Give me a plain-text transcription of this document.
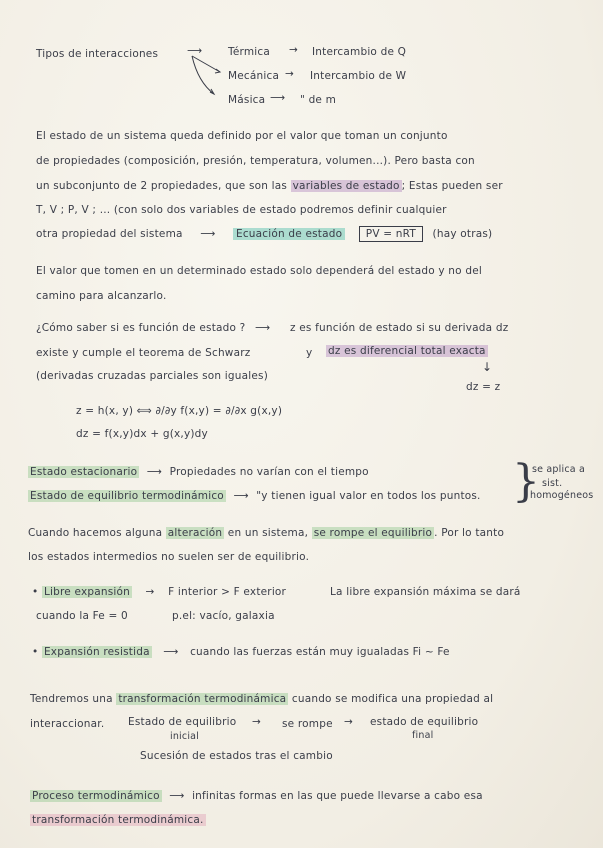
Tipos de interacciones	⟶ Térmica → Intercambio de Q
Mecánica → Intercambio de W
Másica ⟶ " de m
El estado de un sistema queda definido por el valor que toman un conjunto
de propiedades (composición, presión, temperatura, volumen...). Pero basta con
un subconjunto de 2 propiedades, que son las variables de estado ; Estas pueden ser
T, V ; P, V ; ... (con solo dos variables de estado podremos definir cualquier
otra propiedad del sistema ⟶ Ecuación de estado PV = nRT (hay otras)
El valor que tomen en un determinado estado solo dependerá del estado y no del
camino para alcanzarlo.
¿Cómo saber si es función de estado ? ⟶ z es función de estado si su derivada dz
existe y cumple el teorema de Schwarz	y dz es diferencial total exacta
(derivadas cruzadas parciales son iguales)
↓
dz = z
z = h(x, y) ⟺ ∂/∂y f(x,y) = ∂/∂x g(x,y)
dz = f(x,y)dx + g(x,y)dy
Estado estacionario ⟶ Propiedades no varían con el tiempo
Estado de equilibrio termodinámico ⟶ "y tienen igual valor en todos los puntos. }
se aplica a
sist.
homogéneos
Cuando hacemos alguna alteración en un sistema, se rompe el equilibrio . Por lo tanto
los estados intermedios no suelen ser de equilibrio.
• Libre expansión → F interior > F exterior	La libre expansión máxima se dará
cuando la Fe = 0	p.el: vacío, galaxia
• Expansión resistida ⟶ cuando las fuerzas están muy igualadas Fi ~ Fe
Tendremos una transformación termodinámica cuando se modifica una propiedad al
interaccionar. Estado de equilibrio → se rompe → estado de equilibrio
inicial	final
Sucesión de estados tras el cambio
Proceso termodinámico ⟶ infinitas formas en las que puede llevarse a cabo esa
transformación termodinámica.
